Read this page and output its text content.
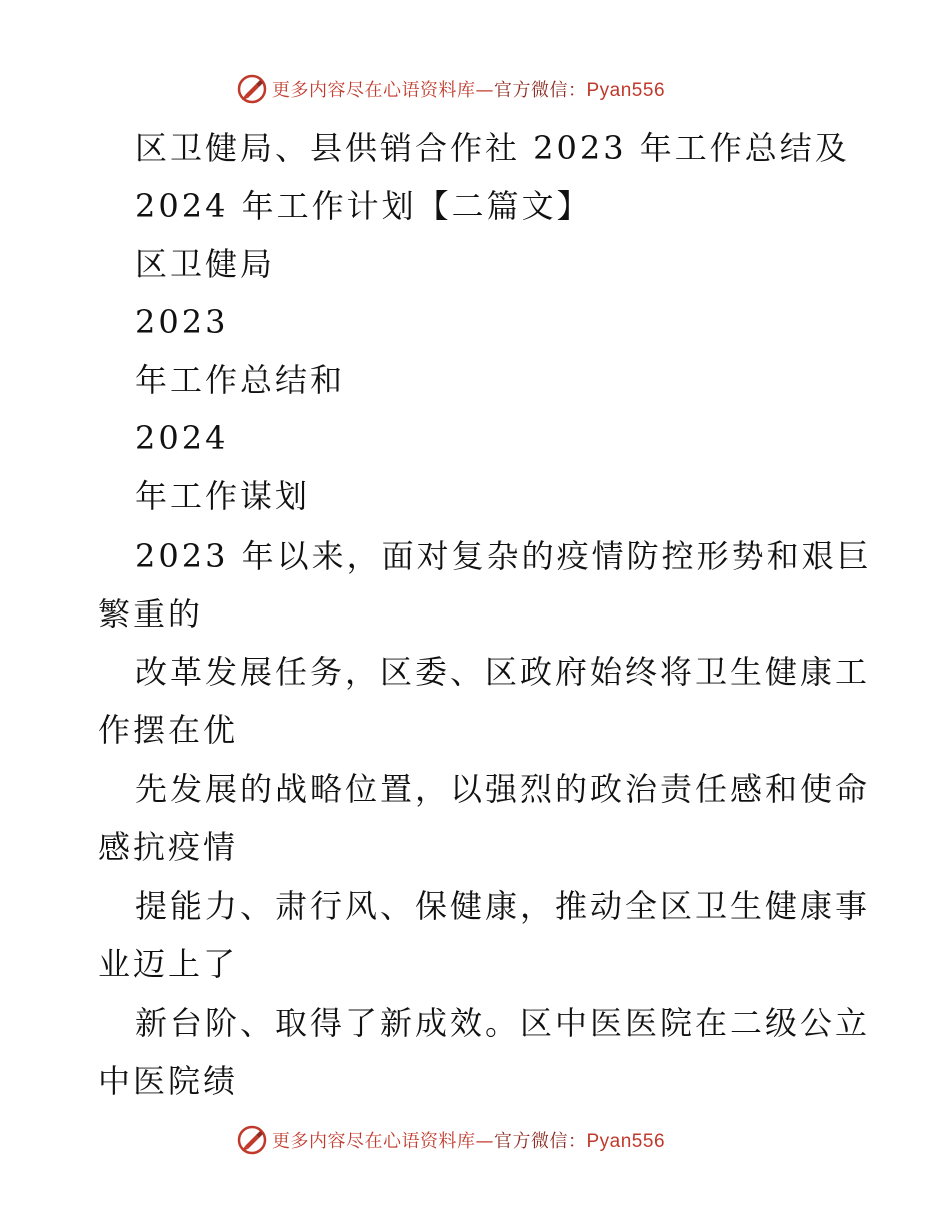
更多内容尽在心语资料库—官方微信：Pyan556
区卫健局、县供销合作社 2023 年工作总结及
2024 年工作计划【二篇文】
区卫健局
2023
年工作总结和
2024
年工作谋划
2023 年以来，面对复杂的疫情防控形势和艰巨
繁重的
改革发展任务，区委、区政府始终将卫生健康工
作摆在优
先发展的战略位置，以强烈的政治责任感和使命
感抗疫情
提能力、肃行风、保健康，推动全区卫生健康事
业迈上了
新台阶、取得了新成效。区中医医院在二级公立
中医院绩
更多内容尽在心语资料库—官方微信：Pyan556
